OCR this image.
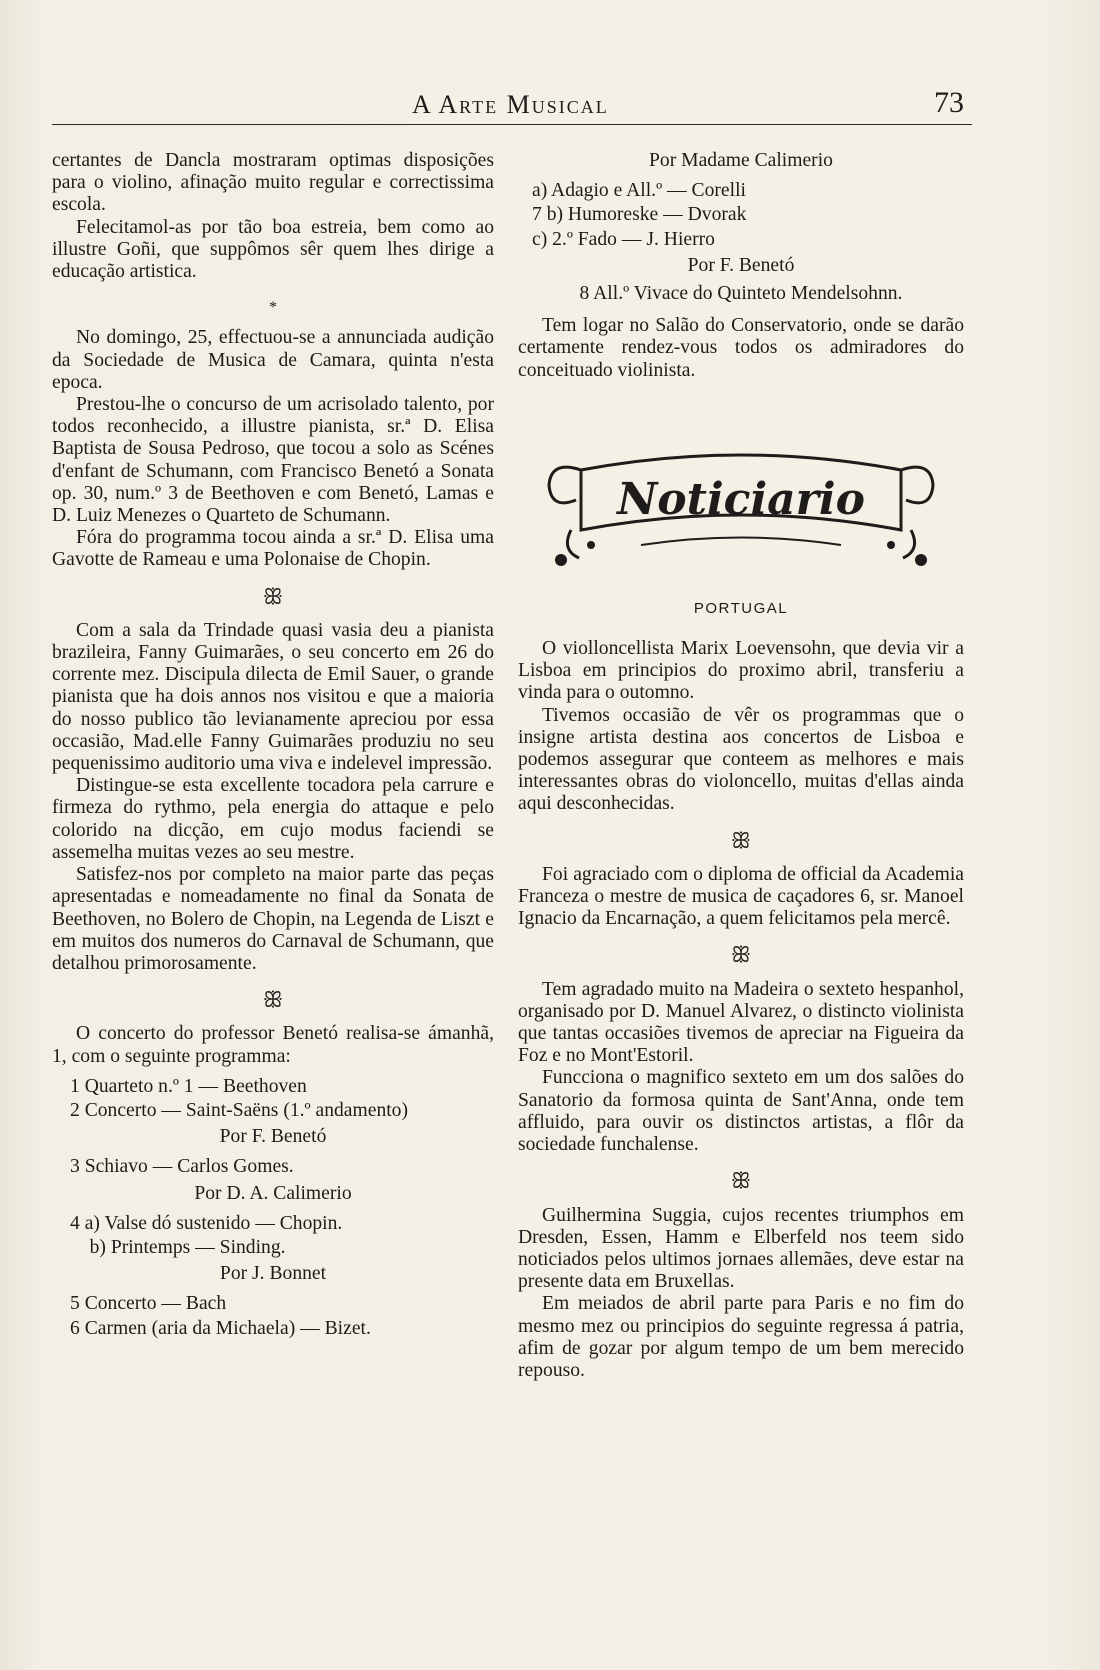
A Arte Musical	73

certantes de Dancla mostraram optimas disposições para o violino, afinação muito regular e correctissima escola.

Felecitamol-as por tão boa estreia, bem como ao illustre Goñi, que suppômos sêr quem lhes dirige a educação artistica.

*

No domingo, 25, effectuou-se a annunciada audição da Sociedade de Musica de Camara, quinta n'esta epoca.

Prestou-lhe o concurso de um acrisolado talento, por todos reconhecido, a illustre pianista, sr.ª D. Elisa Baptista de Sousa Pedroso, que tocou a solo as Scénes d'enfant de Schumann, com Francisco Benetó a Sonata op. 30, num.º 3 de Beethoven e com Benetó, Lamas e D. Luiz Menezes o Quarteto de Schumann.

Fóra do programma tocou ainda a sr.ª D. Elisa uma Gavotte de Rameau e uma Polonaise de Chopin.

ꕥ

Com a sala da Trindade quasi vasia deu a pianista brazileira, Fanny Guimarães, o seu concerto em 26 do corrente mez. Discipula dilecta de Emil Sauer, o grande pianista que ha dois annos nos visitou e que a maioria do nosso publico tão levianamente apreciou por essa occasião, Mad.elle Fanny Guimarães produziu no seu pequenissimo auditorio uma viva e indelevel impressão.

Distingue-se esta excellente tocadora pela carrure e firmeza do rythmo, pela energia do attaque e pelo colorido na dicção, em cujo modus faciendi se assemelha muitas vezes ao seu mestre.

Satisfez-nos por completo na maior parte das peças apresentadas e nomeadamente no final da Sonata de Beethoven, no Bolero de Chopin, na Legenda de Liszt e em muitos dos numeros do Carnaval de Schumann, que detalhou primorosamente.

ꕥ

O concerto do professor Benetó realisa-se ámanhã, 1, com o seguinte programma:

1 Quarteto n.º 1 — Beethoven
2 Concerto — Saint-Saëns (1.º andamento)
Por F. Benetó
3 Schiavo — Carlos Gomes.
Por D. A. Calimerio
4 a) Valse dó sustenido — Chopin.
b) Printemps — Sinding.
Por J. Bonnet
5 Concerto — Bach
6 Carmen (aria da Michaela) — Bizet.
Por Madame Calimerio
a) Adagio e All.º — Corelli
7 b) Humoreske — Dvorak
c) 2.º Fado — J. Hierro
Por F. Benetó
8 All.º Vivace do Quinteto Mendelsohnn.

Tem logar no Salão do Conservatorio, onde se darão certamente rendez-vous todos os admiradores do conceituado violinista.

Noticiario
PORTUGAL

O violloncellista Marix Loevensohn, que devia vir a Lisboa em principios do proximo abril, transferiu a vinda para o outomno.

Tivemos occasião de vêr os programmas que o insigne artista destina aos concertos de Lisboa e podemos assegurar que conteem as melhores e mais interessantes obras do violoncello, muitas d'ellas ainda aqui desconhecidas.

ꕥ

Foi agraciado com o diploma de official da Academia Franceza o mestre de musica de caçadores 6, sr. Manoel Ignacio da Encarnação, a quem felicitamos pela mercê.

ꕥ

Tem agradado muito na Madeira o sexteto hespanhol, organisado por D. Manuel Alvarez, o distincto violinista que tantas occasiões tivemos de apreciar na Figueira da Foz e no Mont'Estoril.

Funcciona o magnifico sexteto em um dos salões do Sanatorio da formosa quinta de Sant'Anna, onde tem affluido, para ouvir os distinctos artistas, a flôr da sociedade funchalense.

ꕥ

Guilhermina Suggia, cujos recentes triumphos em Dresden, Essen, Hamm e Elberfeld nos teem sido noticiados pelos ultimos jornaes allemães, deve estar na presente data em Bruxellas.

Em meiados de abril parte para Paris e no fim do mesmo mez ou principios do seguinte regressa á patria, afim de gozar por algum tempo de um bem merecido repouso.
